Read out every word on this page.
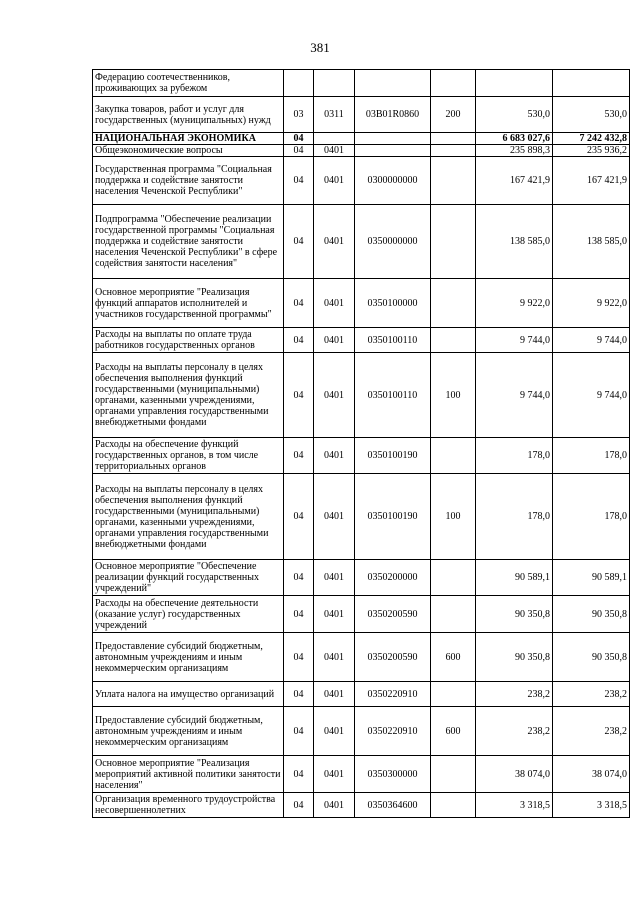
381
Федерацию соотечественников, проживающих за рубежом						
Закупка товаров, работ и услуг для государственных (муниципальных) нужд	03	0311	03В01R0860	200	530,0	530,0
НАЦИОНАЛЬНАЯ ЭКОНОМИКА	04				6 683 027,6	7 242 432,8
Общеэкономические вопросы	04	0401			235 898,3	235 936,2
Государственная программа "Социальная поддержка и содействие занятости населения Чеченской Республики"	04	0401	0300000000		167 421,9	167 421,9
Подпрограмма "Обеспечение реализации государственной программы "Социальная поддержка и содействие занятости населения Чеченской Республики" в сфере содействия занятости населения"	04	0401	0350000000		138 585,0	138 585,0
Основное мероприятие "Реализация функций аппаратов исполнителей и участников государственной программы"	04	0401	0350100000		9 922,0	9 922,0
Расходы на выплаты по оплате труда работников государственных органов	04	0401	0350100110		9 744,0	9 744,0
Расходы на выплаты персоналу в целях обеспечения выполнения функций государственными (муниципальными) органами, казенными учреждениями, органами управления государственными внебюджетными фондами	04	0401	0350100110	100	9 744,0	9 744,0
Расходы на обеспечение функций государственных органов, в том числе территориальных органов	04	0401	0350100190		178,0	178,0
Расходы на выплаты персоналу в целях обеспечения выполнения функций государственными (муниципальными) органами, казенными учреждениями, органами управления государственными внебюджетными фондами	04	0401	0350100190	100	178,0	178,0
Основное мероприятие "Обеспечение реализации функций государственных учреждений"	04	0401	0350200000		90 589,1	90 589,1
Расходы на обеспечение деятельности (оказание услуг) государственных учреждений	04	0401	0350200590		90 350,8	90 350,8
Предоставление субсидий бюджетным, автономным учреждениям и иным некоммерческим организациям	04	0401	0350200590	600	90 350,8	90 350,8
Уплата налога на имущество организаций	04	0401	0350220910		238,2	238,2
Предоставление субсидий бюджетным, автономным учреждениям и иным некоммерческим организациям	04	0401	0350220910	600	238,2	238,2
Основное мероприятие "Реализация мероприятий активной политики занятости населения"	04	0401	0350300000		38 074,0	38 074,0
Организация временного трудоустройства несовершеннолетних	04	0401	0350364600		3 318,5	3 318,5
